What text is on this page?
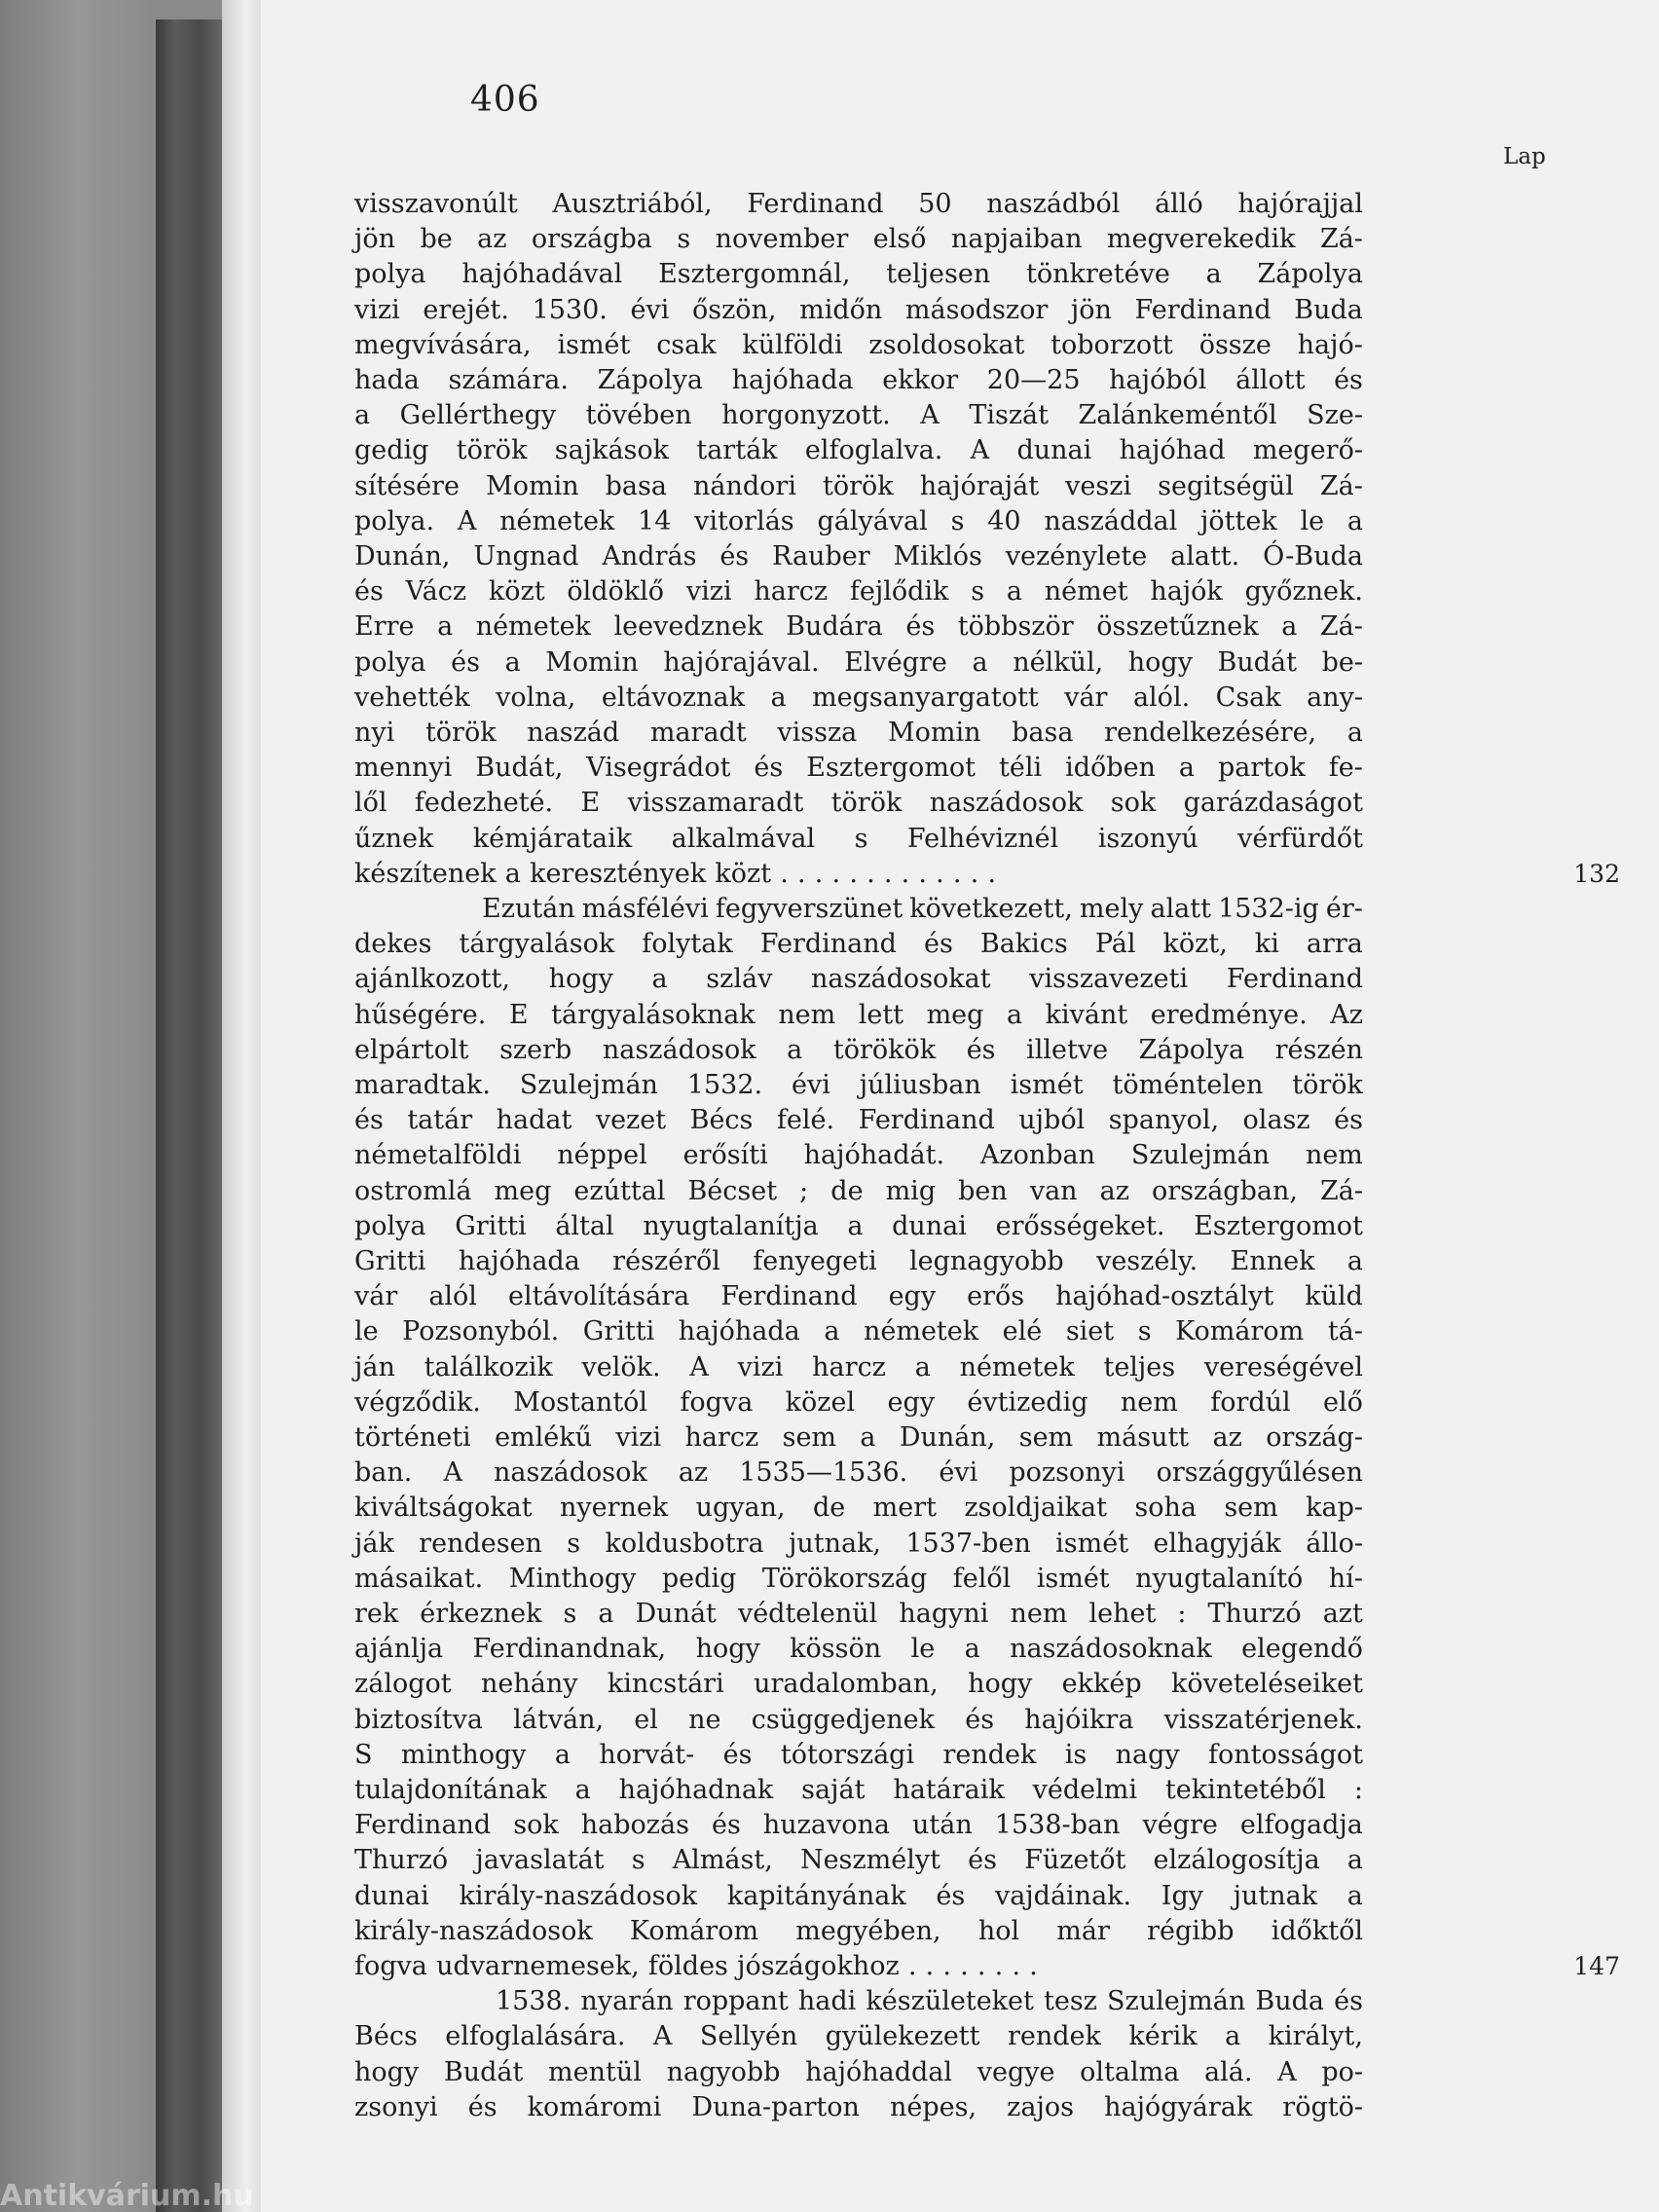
406
Lap
visszavonúlt Ausztriából, Ferdinand 50 naszádból álló hajórajjal
jön be az országba s november első napjaiban megverekedik Zá-
polya hajóhadával Esztergomnál, teljesen tönkretéve a Zápolya
vizi erejét. 1530. évi őszön, midőn másodszor jön Ferdinand Buda
megvívására, ismét csak külföldi zsoldosokat toborzott össze hajó-
hada számára. Zápolya hajóhada ekkor 20—25 hajóból állott és
a Gellérthegy tövében horgonyzott. A Tiszát Zalánkeméntől Sze-
gedig török sajkások tarták elfoglalva. A dunai hajóhad megerő-
sítésére Momin basa nándori török hajóraját veszi segitségül Zá-
polya. A németek 14 vitorlás gályával s 40 naszáddal jöttek le a
Dunán, Ungnad András és Rauber Miklós vezénylete alatt. Ó-Buda
és Vácz közt öldöklő vizi harcz fejlődik s a német hajók győznek.
Erre a németek leevedznek Budára és többször összetűznek a Zá-
polya és a Momin hajórajával. Elvégre a nélkül, hogy Budát be-
vehették volna, eltávoznak a megsanyargatott vár alól. Csak any-
nyi török naszád maradt vissza Momin basa rendelkezésére, a
mennyi Budát, Visegrádot és Esztergomot téli időben a partok fe-
lől fedezheté. E visszamaradt török naszádosok sok garázdaságot
űznek kémjárataik alkalmával s Felhéviznél iszonyú vérfürdőt
készítenek a keresztények közt . . . . . . . . . . . . .	132
Ezután másfélévi fegyverszünet következett, mely alatt 1532-ig ér-
dekes tárgyalások folytak Ferdinand és Bakics Pál közt, ki arra
ajánlkozott, hogy a szláv naszádosokat visszavezeti Ferdinand
hűségére. E tárgyalásoknak nem lett meg a kivánt eredménye. Az
elpártolt szerb naszádosok a törökök és illetve Zápolya részén
maradtak. Szulejmán 1532. évi júliusban ismét töméntelen török
és tatár hadat vezet Bécs felé. Ferdinand ujból spanyol, olasz és
németalföldi néppel erősíti hajóhadát. Azonban Szulejmán nem
ostromlá meg ezúttal Bécset ; de mig ben van az országban, Zá-
polya Gritti által nyugtalanítja a dunai erősségeket. Esztergomot
Gritti hajóhada részéről fenyegeti legnagyobb veszély. Ennek a
vár alól eltávolítására Ferdinand egy erős hajóhad-osztályt küld
le Pozsonyból. Gritti hajóhada a németek elé siet s Komárom tá-
ján találkozik velök. A vizi harcz a németek teljes vereségével
végződik. Mostantól fogva közel egy évtizedig nem fordúl elő
történeti emlékű vizi harcz sem a Dunán, sem másutt az ország-
ban. A naszádosok az 1535—1536. évi pozsonyi országgyűlésen
kiváltságokat nyernek ugyan, de mert zsoldjaikat soha sem kap-
ják rendesen s koldusbotra jutnak, 1537-ben ismét elhagyják állo-
másaikat. Minthogy pedig Törökország felől ismét nyugtalanító hí-
rek érkeznek s a Dunát védtelenül hagyni nem lehet : Thurzó azt
ajánlja Ferdinandnak, hogy kössön le a naszádosoknak elegendő
zálogot nehány kincstári uradalomban, hogy ekkép követeléseiket
biztosítva látván, el ne csüggedjenek és hajóikra visszatérjenek.
S minthogy a horvát- és tótországi rendek is nagy fontosságot
tulajdonítának a hajóhadnak saját határaik védelmi tekintetéből :
Ferdinand sok habozás és huzavona után 1538-ban végre elfogadja
Thurzó javaslatát s Almást, Neszmélyt és Füzetőt elzálogosítja a
dunai király-naszádosok kapitányának és vajdáinak. Igy jutnak a
király-naszádosok Komárom megyében, hol már régibb időktől
fogva udvarnemesek, földes jószágokhoz . . . . . . . .	147
1538. nyarán roppant hadi készületeket tesz Szulejmán Buda és
Bécs elfoglalására. A Sellyén gyülekezett rendek kérik a királyt,
hogy Budát mentül nagyobb hajóhaddal vegye oltalma alá. A po-
zsonyi és komáromi Duna-parton népes, zajos hajógyárak rögtö-
Antikvárium.hu
